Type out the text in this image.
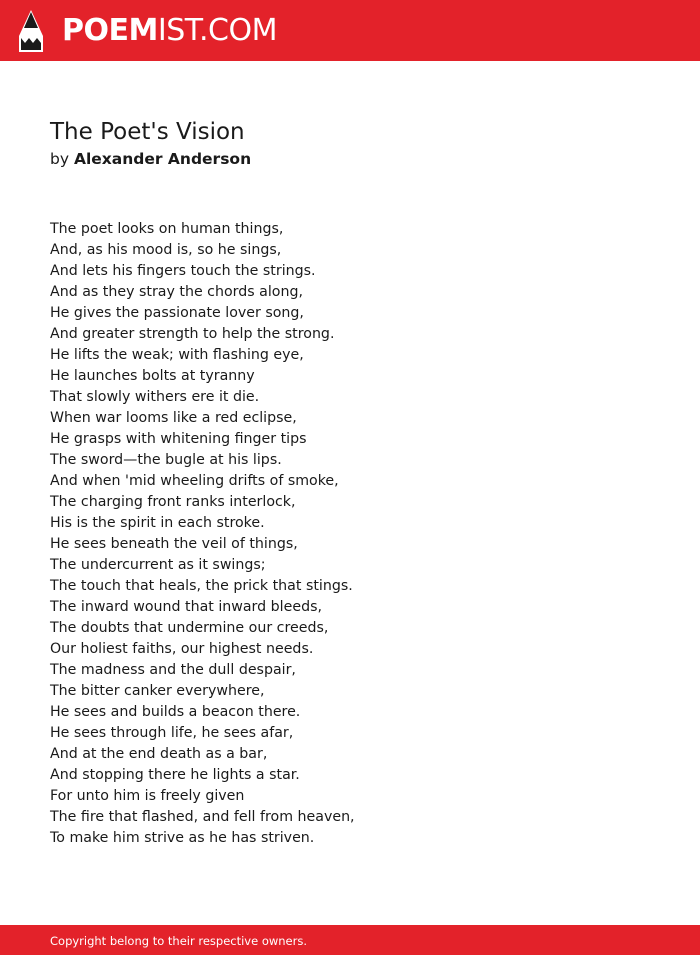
POEMIST.COM
The Poet's Vision
by Alexander Anderson
The poet looks on human things,
And, as his mood is, so he sings,
And lets his fingers touch the strings.
And as they stray the chords along,
He gives the passionate lover song,
And greater strength to help the strong.
He lifts the weak; with flashing eye,
He launches bolts at tyranny
That slowly withers ere it die.
When war looms like a red eclipse,
He grasps with whitening finger tips
The sword—the bugle at his lips.
And when 'mid wheeling drifts of smoke,
The charging front ranks interlock,
His is the spirit in each stroke.
He sees beneath the veil of things,
The undercurrent as it swings;
The touch that heals, the prick that stings.
The inward wound that inward bleeds,
The doubts that undermine our creeds,
Our holiest faiths, our highest needs.
The madness and the dull despair,
The bitter canker everywhere,
He sees and builds a beacon there.
He sees through life, he sees afar,
And at the end death as a bar,
And stopping there he lights a star.
For unto him is freely given
The fire that flashed, and fell from heaven,
To make him strive as he has striven.
Copyright belong to their respective owners.
